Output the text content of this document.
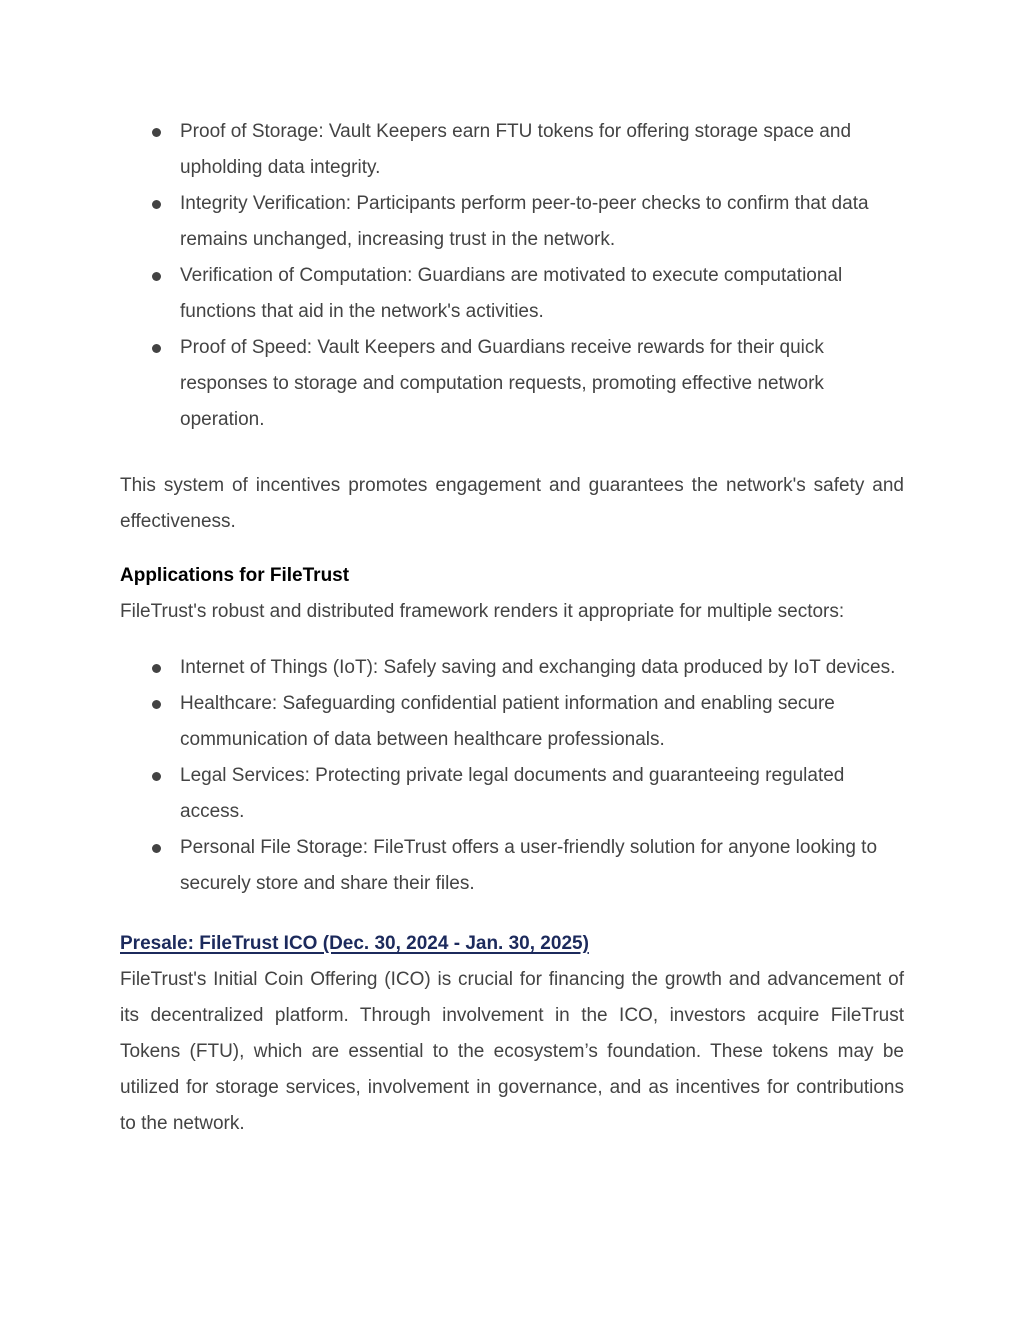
Proof of Storage: Vault Keepers earn FTU tokens for offering storage space and upholding data integrity.
Integrity Verification: Participants perform peer-to-peer checks to confirm that data remains unchanged, increasing trust in the network.
Verification of Computation: Guardians are motivated to execute computational functions that aid in the network's activities.
Proof of Speed: Vault Keepers and Guardians receive rewards for their quick responses to storage and computation requests, promoting effective network operation.

This system of incentives promotes engagement and guarantees the network's safety and effectiveness.

Applications for FileTrust

FileTrust's robust and distributed framework renders it appropriate for multiple sectors:

Internet of Things (IoT): Safely saving and exchanging data produced by IoT devices.
Healthcare: Safeguarding confidential patient information and enabling secure communication of data between healthcare professionals.
Legal Services: Protecting private legal documents and guaranteeing regulated access.
Personal File Storage: FileTrust offers a user-friendly solution for anyone looking to securely store and share their files.
Presale: FileTrust ICO (Dec. 30, 2024 - Jan. 30, 2025)

FileTrust's Initial Coin Offering (ICO) is crucial for financing the growth and advancement of its decentralized platform. Through involvement in the ICO, investors acquire FileTrust Tokens (FTU), which are essential to the ecosystem’s foundation. These tokens may be utilized for storage services, involvement in governance, and as incentives for contributions to the network.
